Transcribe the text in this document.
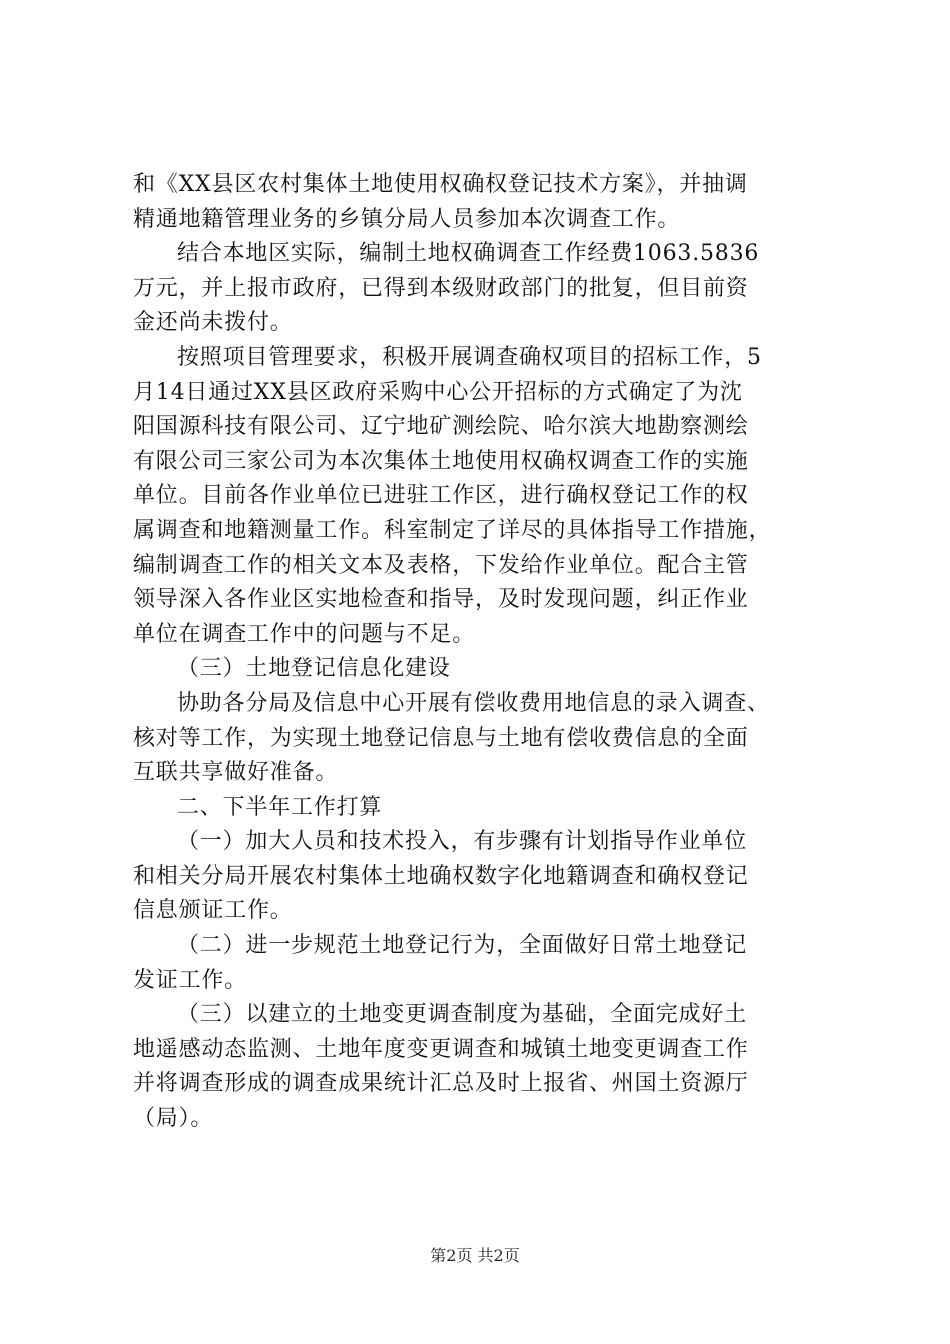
和《XX县区农村集体土地使用权确权登记技术方案》，并抽调
精通地籍管理业务的乡镇分局人员参加本次调查工作。
结合本地区实际，编制土地权确调查工作经费1063.5836
万元，并上报市政府，已得到本级财政部门的批复，但目前资
金还尚未拨付。
按照项目管理要求，积极开展调查确权项目的招标工作，5
月14日通过XX县区政府采购中心公开招标的方式确定了为沈
阳国源科技有限公司、辽宁地矿测绘院、哈尔滨大地勘察测绘
有限公司三家公司为本次集体土地使用权确权调查工作的实施
单位。目前各作业单位已进驻工作区，进行确权登记工作的权
属调查和地籍测量工作。科室制定了详尽的具体指导工作措施，
编制调查工作的相关文本及表格，下发给作业单位。配合主管
领导深入各作业区实地检查和指导，及时发现问题，纠正作业
单位在调查工作中的问题与不足。
（三）土地登记信息化建设
协助各分局及信息中心开展有偿收费用地信息的录入调查、
核对等工作，为实现土地登记信息与土地有偿收费信息的全面
互联共享做好准备。
二、下半年工作打算
（一）加大人员和技术投入，有步骤有计划指导作业单位
和相关分局开展农村集体土地确权数字化地籍调查和确权登记
信息颁证工作。
（二）进一步规范土地登记行为，全面做好日常土地登记
发证工作。
（三）以建立的土地变更调查制度为基础，全面完成好土
地遥感动态监测、土地年度变更调查和城镇土地变更调查工作
并将调查形成的调查成果统计汇总及时上报省、州国土资源厅
（局）。
第2页 共2页
